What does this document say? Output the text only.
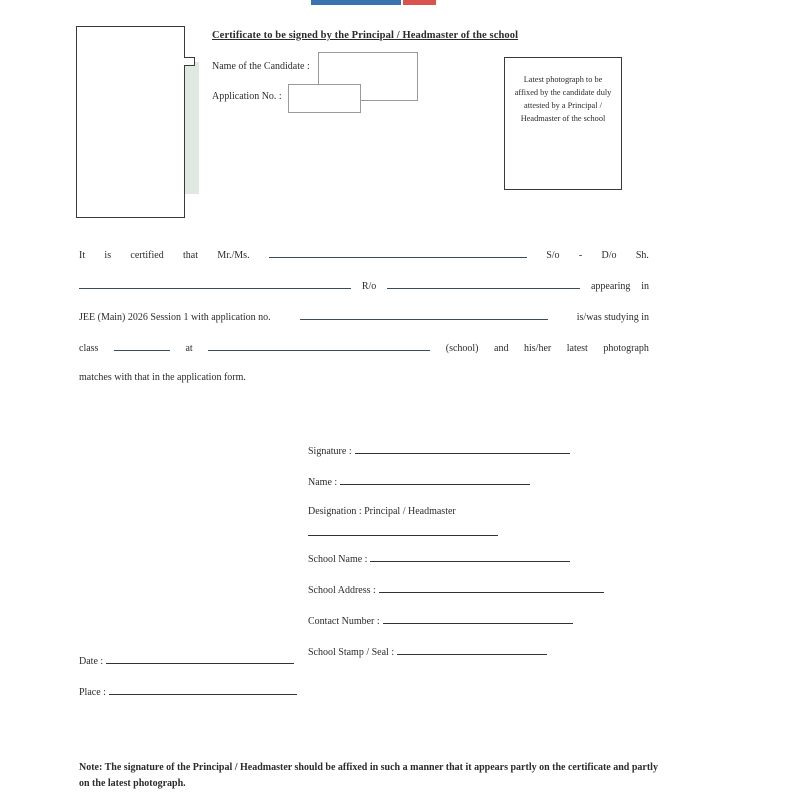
Certificate to be signed by the Principal / Headmaster of the school
Name of the Candidate :
Application No. :
Latest photograph to be affixed by the candidate duly attested by a Principal / Headmaster of the school
It is certified that Mr./Ms.	S/o - D/o Sh.
R/o	appearing in
JEE (Main) 2026 Session 1 with application no.	is/was studying in
class	at	(school) and his/her latest photograph
matches with that in the application form.
Signature :
Name :
Designation : Principal / Headmaster
School Name :
School Address :
Contact Number :
School Stamp / Seal :
Date :
Place :
Note: The signature of the Principal / Headmaster should be affixed in such a manner that it appears partly on the certificate and partly on the latest photograph.
